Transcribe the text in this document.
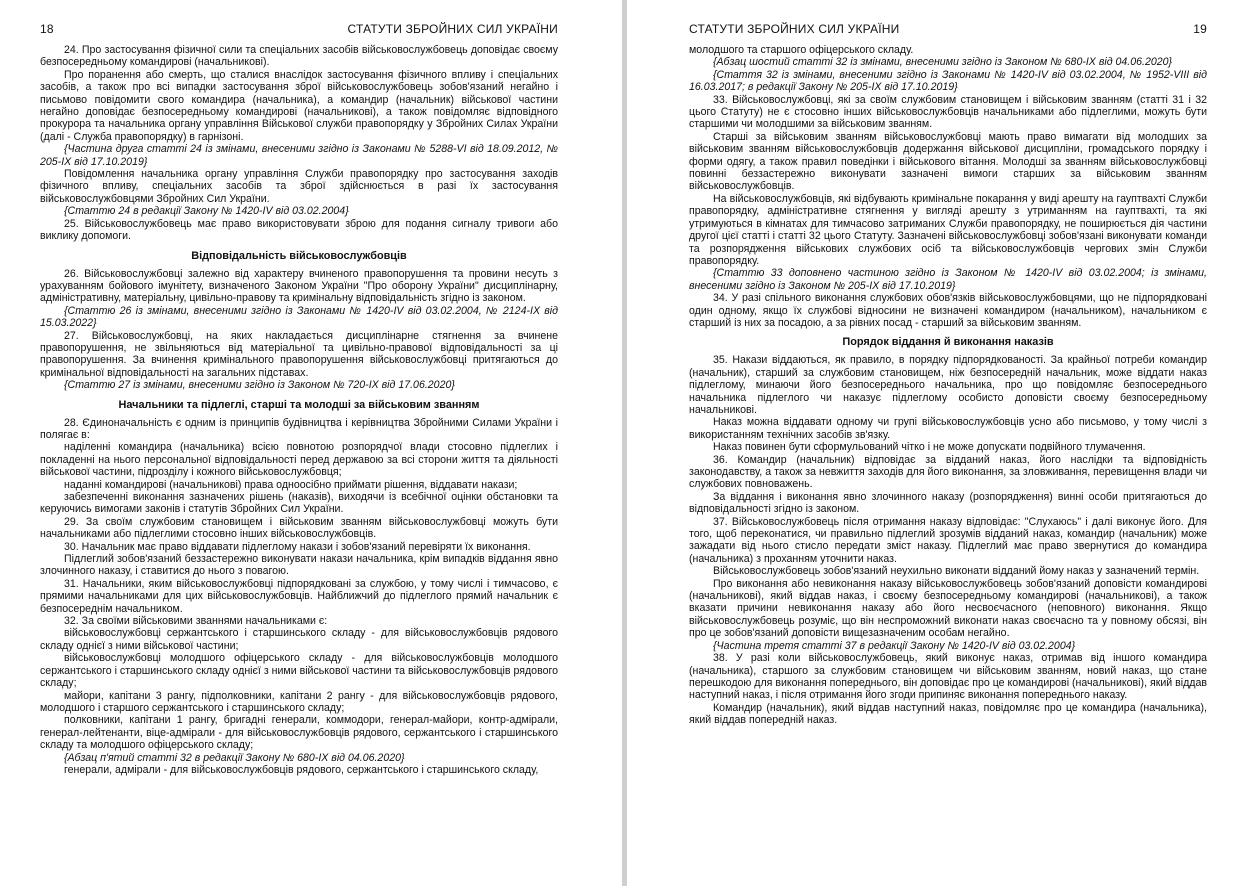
18	СТАТУТИ ЗБРОЙНИХ СИЛ УКРАЇНИ

24. Про застосування фізичної сили та спеціальних засобів військовослужбовець доповідає своєму безпосередньому командирові (начальникові).

Про поранення або смерть, що сталися внаслідок застосування фізичного впливу і спеціальних засобів, а також про всі випадки застосування зброї військовослужбовець зобов'язаний негайно і письмово повідомити свого командира (начальника), а командир (начальник) військової частини негайно доповідає безпосередньому командирові (начальникові), а також повідомляє відповідного прокурора та начальника органу управління Військової служби правопорядку у Збройних Силах України (далі - Служба правопорядку) в гарнізоні.

{Частина друга статті 24 із змінами, внесеними згідно із Законами № 5288-VI від 18.09.2012, № 205-IX від 17.10.2019}

Повідомлення начальника органу управління Служби правопорядку про застосування заходів фізичного впливу, спеціальних засобів та зброї здійснюється в разі їх застосування військовослужбовцями Збройних Сил України.

{Статтю 24 в редакції Закону № 1420-IV від 03.02.2004}

25. Військовослужбовець має право використовувати зброю для подання сигналу тривоги або виклику допомоги.

Відповідальність військовослужбовців

26. Військовослужбовці залежно від характеру вчиненого правопорушення та провини несуть з урахуванням бойового імунітету, визначеного Законом України "Про оборону України" дисциплінарну, адміністративну, матеріальну, цивільно-правову та кримінальну відповідальність згідно із законом.

{Статтю 26 із змінами, внесеними згідно із Законами № 1420-IV від 03.02.2004, № 2124-IX від 15.03.2022}

27. Військовослужбовці, на яких накладається дисциплінарне стягнення за вчинене правопорушення, не звільняються від матеріальної та цивільно-правової відповідальності за ці правопорушення. За вчинення кримінального правопорушення військовослужбовці притягаються до кримінальної відповідальності на загальних підставах.

{Статтю 27 із змінами, внесеними згідно із Законом № 720-IX від 17.06.2020}

Начальники та підлеглі, старші та молодші за військовим званням

28. Єдиноначальність є одним із принципів будівництва і керівництва Збройними Силами України і полягає в:

наділенні командира (начальника) всією повнотою розпорядчої влади стосовно підлеглих і покладенні на нього персональної відповідальності перед державою за всі сторони життя та діяльності військової частини, підрозділу і кожного військовослужбовця;

наданні командирові (начальникові) права одноосібно приймати рішення, віддавати накази;

забезпеченні виконання зазначених рішень (наказів), виходячи із всебічної оцінки обстановки та керуючись вимогами законів і статутів Збройних Сил України.

29. За своїм службовим становищем і військовим званням військовослужбовці можуть бути начальниками або підлеглими стосовно інших військовослужбовців.

30. Начальник має право віддавати підлеглому накази і зобов'язаний перевіряти їх виконання.

Підлеглий зобов'язаний беззастережно виконувати накази начальника, крім випадків віддання явно злочинного наказу, і ставитися до нього з повагою.

31. Начальники, яким військовослужбовці підпорядковані за службою, у тому числі і тимчасово, є прямими начальниками для цих військовослужбовців. Найближчий до підлеглого прямий начальник є безпосереднім начальником.

32. За своїми військовими званнями начальниками є:

військовослужбовці сержантського і старшинського складу - для військовослужбовців рядового складу однієї з ними військової частини;

військовослужбовці молодшого офіцерського складу - для військовослужбовців молодшого сержантського і старшинського складу однієї з ними військової частини та військовослужбовців рядового складу;

майори, капітани 3 рангу, підполковники, капітани 2 рангу - для військовослужбовців рядового, молодшого і старшого сержантського і старшинського складу;

полковники, капітани 1 рангу, бригадні генерали, коммодори, генерал-майори, контр-адмірали, генерал-лейтенанти, віце-адмірали - для військовослужбовців рядового, сержантського і старшинського складу та молодшого офіцерського складу;

{Абзац п'ятий статті 32 в редакції Закону № 680-IX від 04.06.2020}

генерали, адмірали - для військовослужбовців рядового, сержантського і старшинського складу,

СТАТУТИ ЗБРОЙНИХ СИЛ УКРАЇНИ	19

молодшого та старшого офіцерського складу.

{Абзац шостий статті 32 із змінами, внесеними згідно із Законом № 680-IX від 04.06.2020}

{Стаття 32 із змінами, внесеними згідно із Законами № 1420-IV від 03.02.2004, № 1952-VIII від 16.03.2017; в редакції Закону № 205-IX від 17.10.2019}

33. Військовослужбовці, які за своїм службовим становищем і військовим званням (статті 31 і 32 цього Статуту) не є стосовно інших військовослужбовців начальниками або підлеглими, можуть бути старшими чи молодшими за військовим званням.

Старші за військовим званням військовослужбовці мають право вимагати від молодших за військовим званням військовослужбовців додержання військової дисципліни, громадського порядку і форми одягу, а також правил поведінки і військового вітання. Молодші за званням військовослужбовці повинні беззастережно виконувати зазначені вимоги старших за військовим званням військовослужбовців.

На військовослужбовців, які відбувають кримінальне покарання у виді арешту на гауптвахті Служби правопорядку, адміністративне стягнення у вигляді арешту з утриманням на гауптвахті, та які утримуються в кімнатах для тимчасово затриманих Служби правопорядку, не поширюється дія частини другої цієї статті і статті 32 цього Статуту. Зазначені військовослужбовці зобов'язані виконувати команди та розпорядження військових службових осіб та військовослужбовців чергових змін Служби правопорядку.

{Статтю 33 доповнено частиною згідно із Законом № 1420-IV від 03.02.2004; із змінами, внесеними згідно із Законом № 205-IX від 17.10.2019}

34. У разі спільного виконання службових обов'язків військовослужбовцями, що не підпорядковані один одному, якщо їх службові відносини не визначені командиром (начальником), начальником є старший із них за посадою, а за рівних посад - старший за військовим званням.

Порядок віддання й виконання наказів

35. Накази віддаються, як правило, в порядку підпорядкованості. За крайньої потреби командир (начальник), старший за службовим становищем, ніж безпосередній начальник, може віддати наказ підлеглому, минаючи його безпосереднього начальника, про що повідомляє безпосереднього начальника підлеглого чи наказує підлеглому особисто доповісти своєму безпосередньому начальникові.

Наказ можна віддавати одному чи групі військовослужбовців усно або письмово, у тому числі з використанням технічних засобів зв'язку.

Наказ повинен бути сформульований чітко і не може допускати подвійного тлумачення.

36. Командир (начальник) відповідає за відданий наказ, його наслідки та відповідність законодавству, а також за невжиття заходів для його виконання, за зловживання, перевищення влади чи службових повноважень.

За віддання і виконання явно злочинного наказу (розпорядження) винні особи притягаються до відповідальності згідно із законом.

37. Військовослужбовець після отримання наказу відповідає: "Слухаюсь" і далі виконує його. Для того, щоб переконатися, чи правильно підлеглий зрозумів відданий наказ, командир (начальник) може зажадати від нього стисло передати зміст наказу. Підлеглий має право звернутися до командира (начальника) з проханням уточнити наказ.

Військовослужбовець зобов'язаний неухильно виконати відданий йому наказ у зазначений термін.

Про виконання або невиконання наказу військовослужбовець зобов'язаний доповісти командирові (начальникові), який віддав наказ, і своєму безпосередньому командирові (начальникові), а також вказати причини невиконання наказу або його несвоєчасного (неповного) виконання. Якщо військовослужбовець розуміє, що він неспроможний виконати наказ своєчасно та у повному обсязі, він про це зобов'язаний доповісти вищезазначеним особам негайно.

{Частина третя статті 37 в редакції Закону № 1420-IV від 03.02.2004}

38. У разі коли військовослужбовець, який виконує наказ, отримав від іншого командира (начальника), старшого за службовим становищем чи військовим званням, новий наказ, що стане перешкодою для виконання попереднього, він доповідає про це командирові (начальникові), який віддав наступний наказ, і після отримання його згоди припиняє виконання попереднього наказу.

Командир (начальник), який віддав наступний наказ, повідомляє про це командира (начальника), який віддав попередній наказ.
